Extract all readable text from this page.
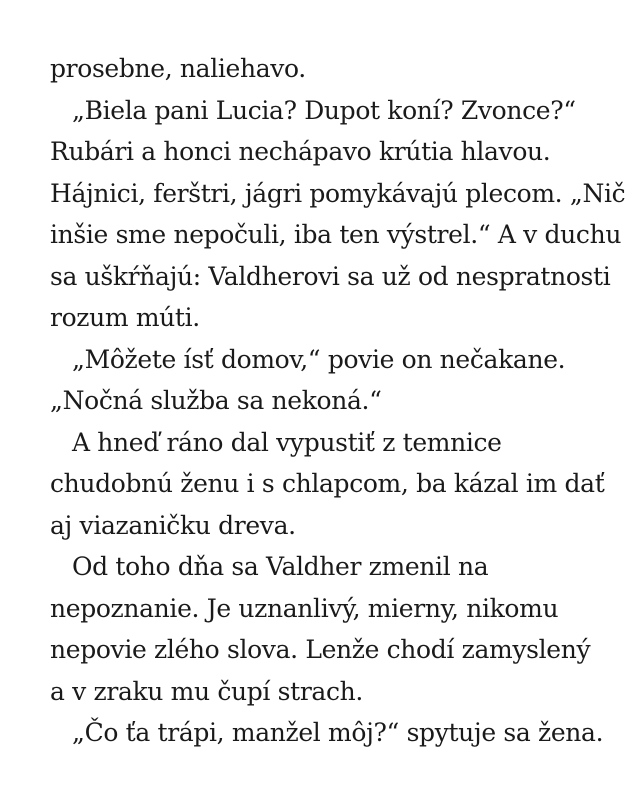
prosebne, naliehavo.
„Biela pani Lucia? Dupot koní? Zvonce?“
Rubári a honci nechápavo krútia hlavou.
Hájnici, ferštri, jágri pomykávajú plecom. „Nič
inšie sme nepočuli, iba ten výstrel.“ A v duchu
sa uškŕňajú: Valdherovi sa už od nespratnosti
rozum múti.
„Môžete ísť domov,“ povie on nečakane.
„Nočná služba sa nekoná.“
A hneď ráno dal vypustiť z temnice
chudobnú ženu i s chlapcom, ba kázal im dať
aj viazaničku dreva.
Od toho dňa sa Valdher zmenil na
nepoznanie. Je uznanlivý, mierny, nikomu
nepovie zlého slova. Lenže chodí zamyslený
a v zraku mu čupí strach.
„Čo ťa trápi, manžel môj?“ spytuje sa žena.
